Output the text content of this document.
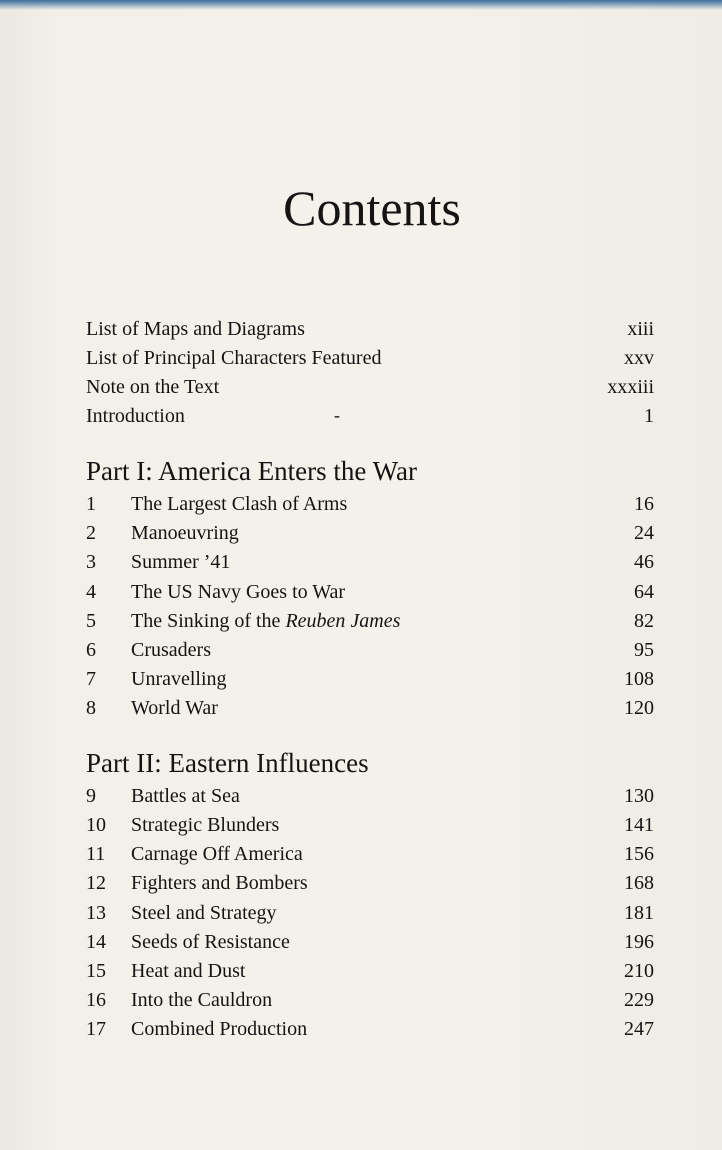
Contents
List of Maps and Diagrams	xiii
List of Principal Characters Featured	xxv
Note on the Text	xxxiii
Introduction	1
-
Part I: America Enters the War
1	The Largest Clash of Arms	16
2	Manoeuvring	24
3	Summer ’41	46
4	The US Navy Goes to War	64
5	The Sinking of the Reuben James	82
6	Crusaders	95
7	Unravelling	108
8	World War	120
Part II: Eastern Influences
9	Battles at Sea	130
10	Strategic Blunders	141
11	Carnage Off America	156
12	Fighters and Bombers	168
13	Steel and Strategy	181
14	Seeds of Resistance	196
15	Heat and Dust	210
16	Into the Cauldron	229
17	Combined Production	247
